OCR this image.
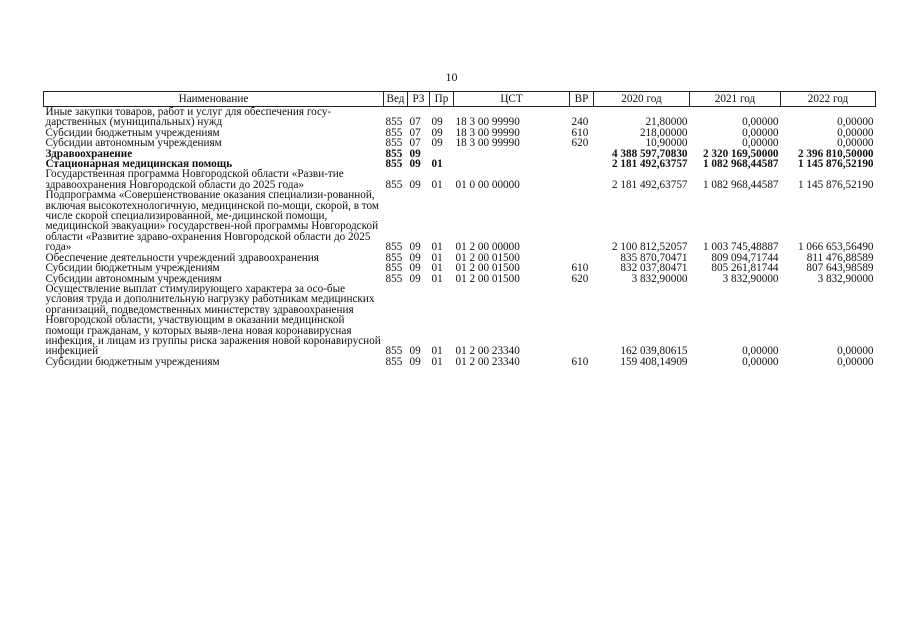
10
Наименование	Вед	РЗ	Пр	ЦСТ	ВР	2020 год	2021 год	2022 год
Иные закупки товаров, работ и услуг для обеспечения госу-дарственных (муниципальных) нужд	855	07	09	18 3 00 99990	240	21,80000	0,00000	0,00000
Субсидии бюджетным учреждениям	855	07	09	18 3 00 99990	610	218,00000	0,00000	0,00000
Субсидии автономным учреждениям	855	07	09	18 3 00 99990	620	10,90000	0,00000	0,00000
Здравоохранение	855	09				4 388 597,70830	2 320 169,50000	2 396 810,50000
Стационарная медицинская помощь	855	09	01			2 181 492,63757	1 082 968,44587	1 145 876,52190
Государственная программа Новгородской области «Разви-тие здравоохранения Новгородской области до 2025 года»	855	09	01	01 0 00 00000		2 181 492,63757	1 082 968,44587	1 145 876,52190
Подпрограмма «Совершенствование оказания специализи-рованной, включая высокотехнологичную, медицинской по-мощи, скорой, в том числе скорой специализированной, ме-дицинской помощи, медицинской эвакуации» государствен-ной программы Новгородской области «Развитие здраво-охранения Новгородской области до 2025 года»	855	09	01	01 2 00 00000		2 100 812,52057	1 003 745,48887	1 066 653,56490
Обеспечение деятельности учреждений здравоохранения	855	09	01	01 2 00 01500		835 870,70471	809 094,71744	811 476,88589
Субсидии бюджетным учреждениям	855	09	01	01 2 00 01500	610	832 037,80471	805 261,81744	807 643,98589
Субсидии автономным учреждениям	855	09	01	01 2 00 01500	620	3 832,90000	3 832,90000	3 832,90000
Осуществление выплат стимулирующего характера за осо-бые условия труда и дополнительную нагрузку работникам медицинских организаций, подведомственных министерству здравоохранения Новгородской области, участвующим в оказании медицинской помощи гражданам, у которых выяв-лена новая коронавирусная инфекция, и лицам из группы риска заражения новой коронавирусной инфекцией	855	09	01	01 2 00 23340		162 039,80615	0,00000	0,00000
Субсидии бюджетным учреждениям	855	09	01	01 2 00 23340	610	159 408,14909	0,00000	0,00000
